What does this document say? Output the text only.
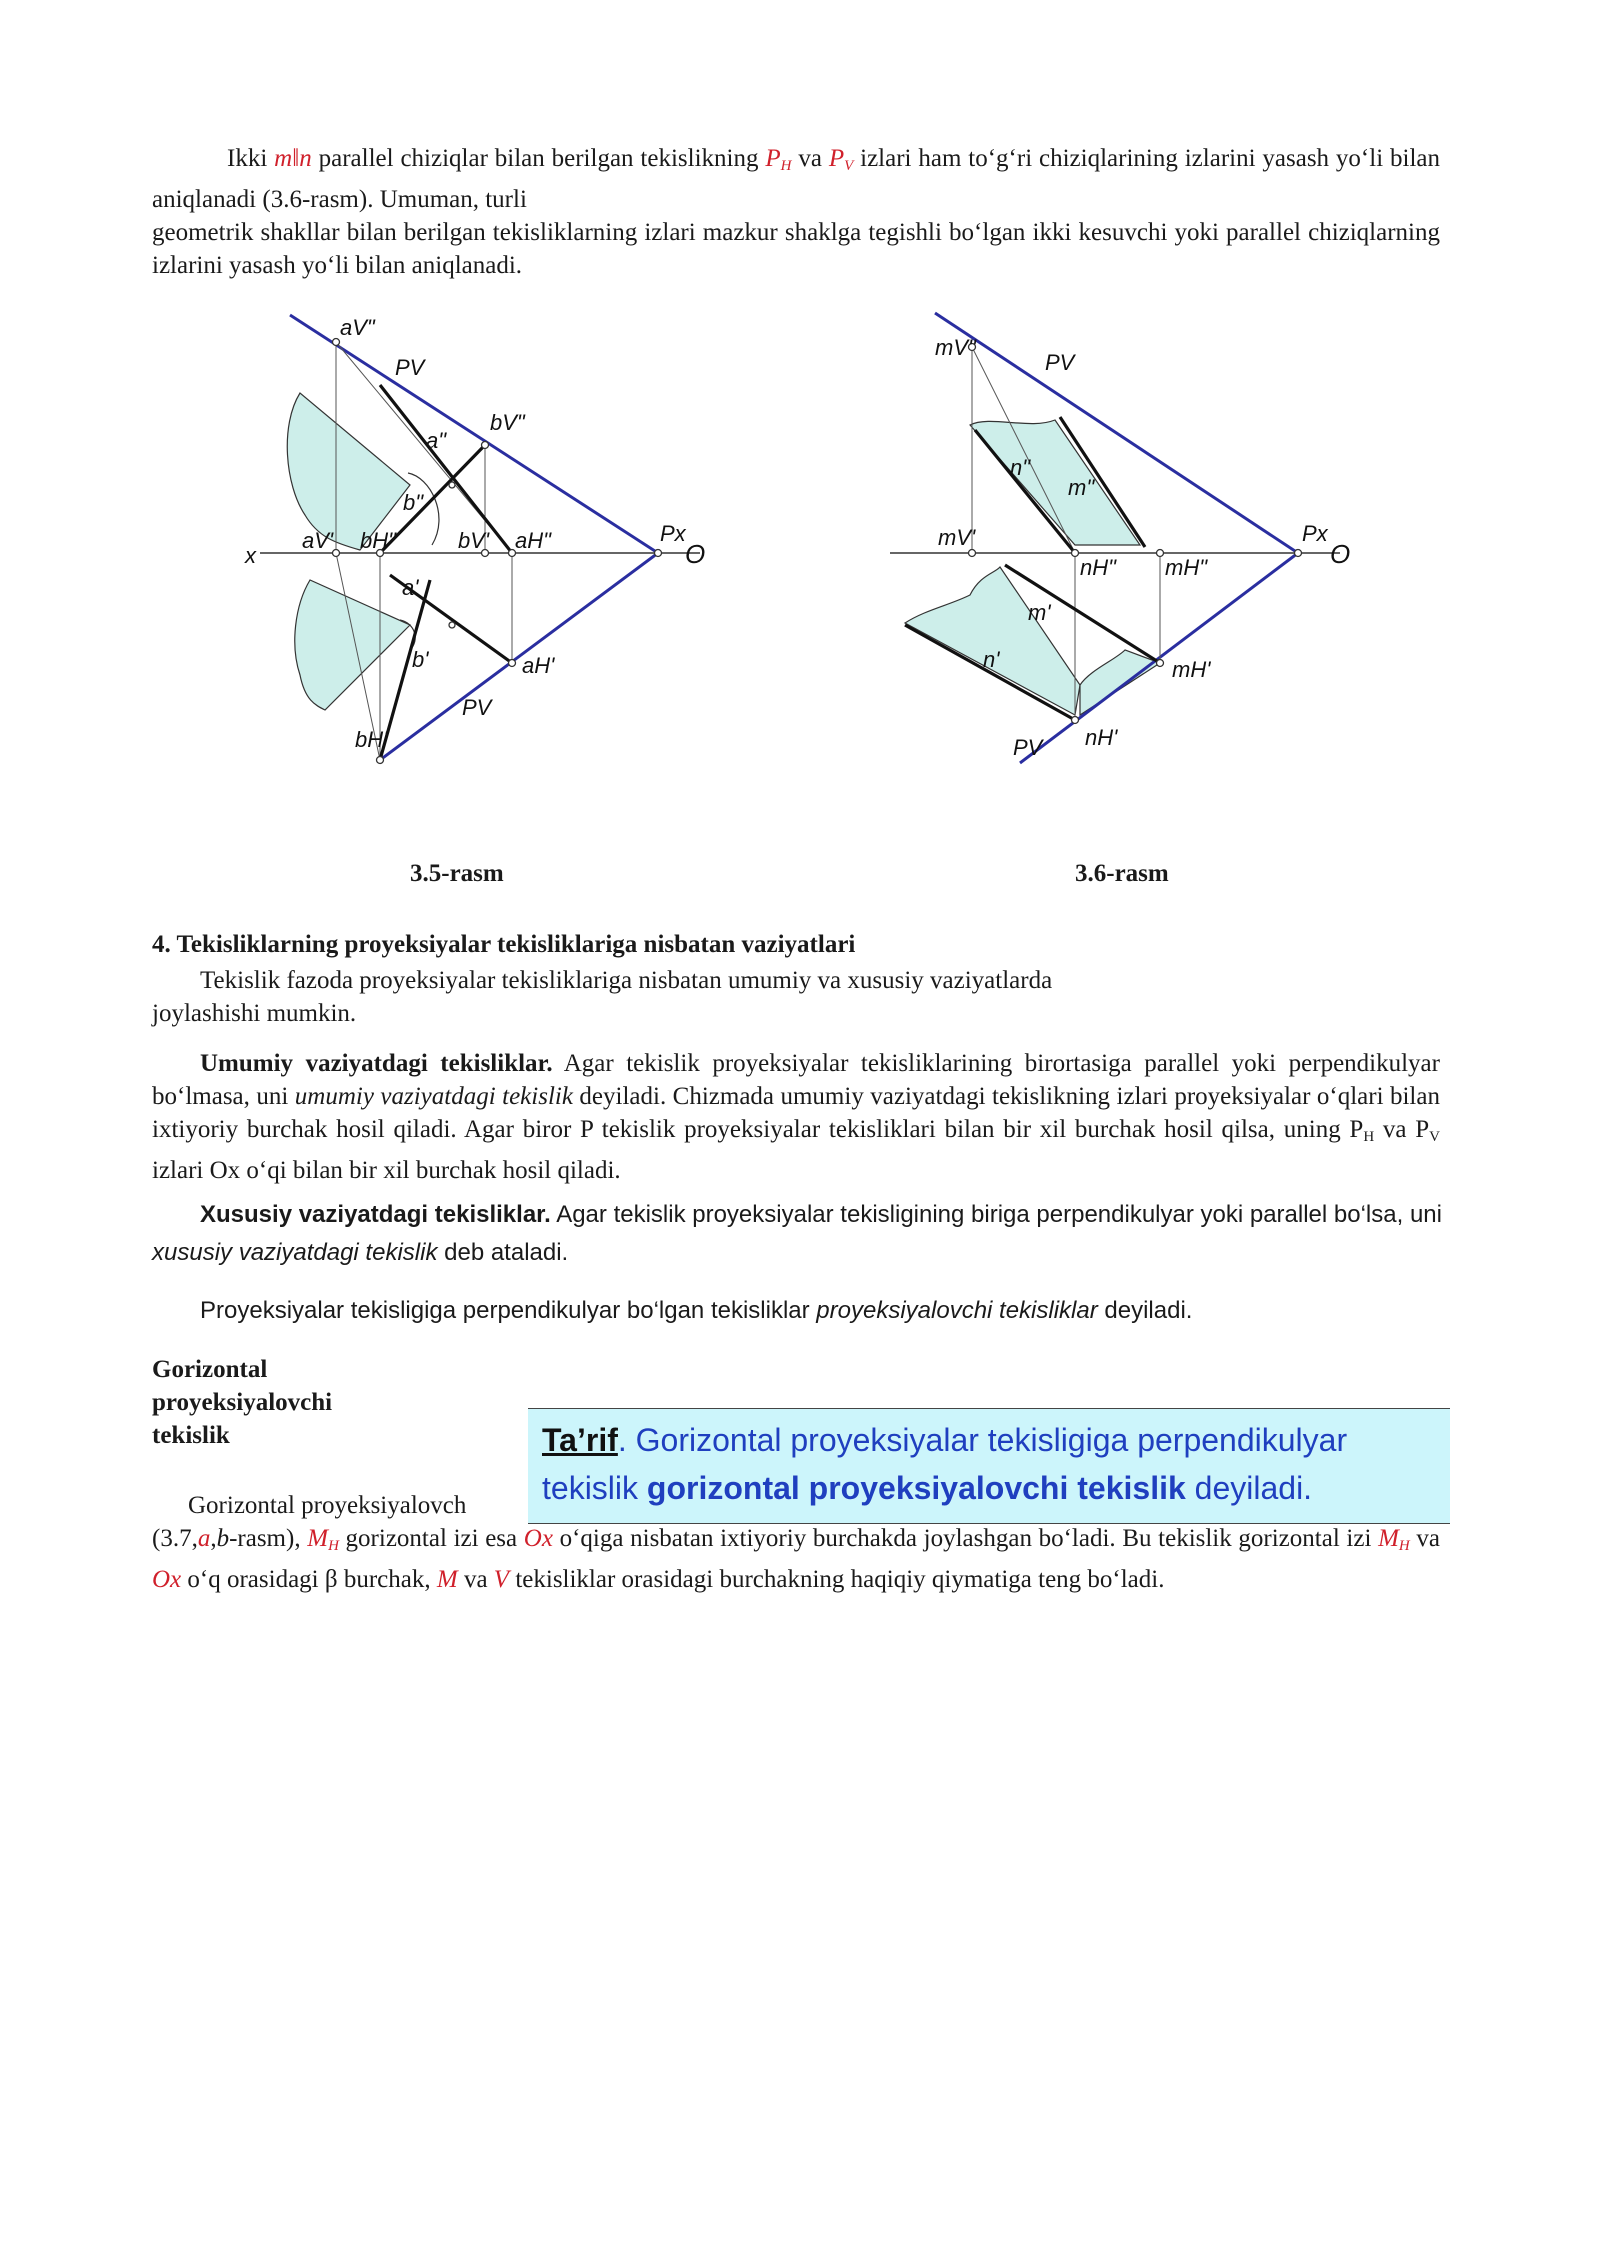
Ikki m‖n parallel chiziqlar bilan berilgan tekislikning $P_H$ va $P_V$ izlari ham to‘g‘ri chiziqlarining izlarini yasash yo‘li bilan aniqlanadi (3.6-rasm). Umuman, turli
geometrik shakllar bilan berilgan tekisliklarning izlari mazkur shaklga tegishli bo‘lgan ikki kesuvchi yoki parallel chiziqlarning izlarini yasash yo‘li bilan aniqlanadi.
aV"
PV
bV"
a"
b"
x
aV' bH"	bV' aH"	Px
O
a'
b'	aH'
PV
bH'
mV"
PV
n"
m"
mV'
nH" mH"
Px
O
m'
n'	mH'
PV nH'
3.5-rasm	3.6-rasm
4. Tekisliklarning proyeksiyalar tekisliklariga nisbatan vaziyatlari
Tekislik fazoda proyeksiyalar tekisliklariga nisbatan umumiy va xususiy vaziyatlarda
joylashishi mumkin.
Umumiy vaziyatdagi tekisliklar. Agar tekislik proyeksiyalar tekisliklarining birortasiga parallel yoki perpendikulyar bo‘lmasa, uni umumiy vaziyatdagi tekislik deyiladi. Chizmada umumiy vaziyatdagi tekislikning izlari proyeksiyalar o‘qlari bilan ixtiyoriy burchak hosil qiladi. Agar biror P tekislik proyeksiyalar tekisliklari bilan bir xil burchak hosil qilsa, uning $P_H$ va $P_V$ izlari Ox o‘qi bilan bir xil burchak hosil qiladi.
Xususiy vaziyatdagi tekisliklar. Agar tekislik proyeksiyalar tekisligining biriga perpendikulyar yoki parallel bo‘lsa, uni xususiy vaziyatdagi tekislik deb ataladi.
Proyeksiyalar tekisligiga perpendikulyar bo‘lgan tekisliklar proyeksiyalovchi tekisliklar deyiladi.
Gorizontal
proyeksiyalovchi
tekislik
Gorizontal proyeksiyalovch
(3.7,a,b-rasm), $M_H$ gorizontal izi esa Ox o‘qiga nisbatan ixtiyoriy burchakda joylashgan bo‘ladi. Bu tekislik gorizontal izi $M_H$ va Ox o‘q orasidagi β burchak, M va V tekisliklar orasidagi burchakning haqiqiy qiymatiga teng bo‘ladi.
Ta’rif. Gorizontal proyeksiyalar tekisligiga perpendikulyar tekislik gorizontal proyeksiyalovchi tekislik deyiladi.
